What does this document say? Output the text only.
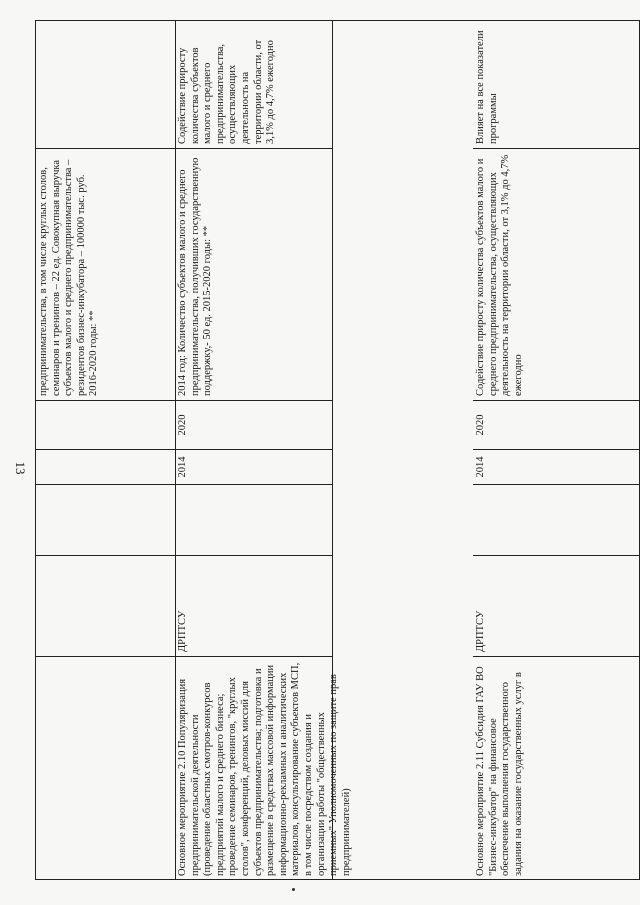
13
предпринимательства, в том числе круглых столов, семинаров и тренингов – 22 ед. Совокупная выручка субъектов малого и среднего предпринимательства – резидентов бизнес-инкубатора – 100000 тыс. руб. 2016-2020 годы: **
Основное мероприятие 2.10 Популяризация предпринимательской деятельности (проведение областных смотров-конкурсов предприятий малого и среднего бизнеса; проведение семинаров, тренингов, "круглых столов", конференций, деловых миссий для субъектов предпринимательства; подготовка и размещение в средствах массовой информации информационно-рекламных и аналитических материалов, консультирование субъектов МСП, в том числе посредством создания и организации работы "общественных приемных" Уполномоченных по защите прав предпринимателей)
ДРПТСУ
2014
2020
2014 год: Количество субъектов малого и среднего предпринимательства, получивших государственную поддержку,- 50 ед. 2015-2020 годы: **
Содействие приросту количества субъектов малого и среднего предпринимательства, осуществляющих деятельность на территории области, от 3,1% до 4,7% ежегодно
Основное мероприятие 2.11 Субсидия ГАУ ВО "Бизнес-инкубатор" на финансовое обеспечение выполнения государственного задания на оказание государственных услуг в
ДРПТСУ
2014
2020
Содействие приросту количества субъектов малого и среднего предпринимательства, осуществляющих деятельность на территории области, от 3,1% до 4,7% ежегодно
Влияет на все показатели программы
